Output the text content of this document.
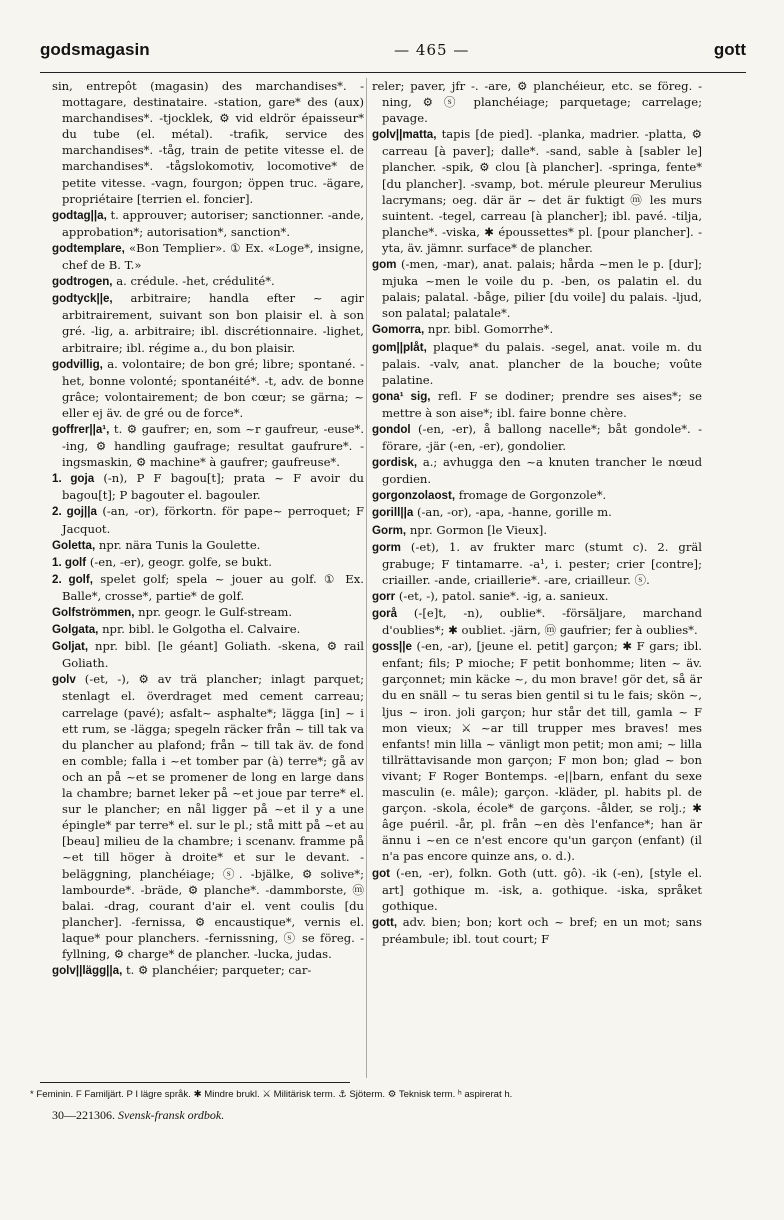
godsmagasin	— 465 —	gott

sin, entrepôt (magasin) des marchandises*. -mottagare, destinataire. -station, gare* des (aux) marchandises*. -tjocklek, ⚙ vid eldrör épaisseur* du tube (el. métal). -trafik, service des marchandises*. -tåg, train de petite vitesse el. de marchandises*. -tågslokomotiv, locomotive* de petite vitesse. -vagn, fourgon; öppen truc. -ägare, propriétaire [terrien el. foncier].

godtag||a, t. approuver; autoriser; sanctionner. -ande, approbation*; autorisation*, sanction*.

godtemplare, «Bon Templier». ① Ex. «Loge*, insigne, chef de B. T.»

godtrogen, a. crédule. -het, crédulité*.

godtyck||e, arbitraire; handla efter ~ agir arbitrairement, suivant son bon plaisir el. à son gré. -lig, a. arbitraire; ibl. discrétionnaire. -lighet, arbitraire; ibl. régime a., du bon plaisir.

godvillig, a. volontaire; de bon gré; libre; spontané. -het, bonne volonté; spontanéité*. -t, adv. de bonne grâce; volontairement; de bon cœur; se gärna; ~ eller ej äv. de gré ou de force*.

goffrer||a¹, t. ⚙ gaufrer; en, som ~r gaufreur, -euse*. -ing, ⚙ handling gaufrage; resultat gaufrure*. -ingsmaskin, ⚙ machine* à gaufrer; gaufreuse*.

1. goja (-n), P F bagou[t]; prata ~ F avoir du bagou[t]; P bagouter el. bagouler.

2. goj||a (-an, -or), förkortn. för pape~ perroquet; F Jacquot.

Goletta, npr. nära Tunis la Goulette.

1. golf (-en, -er), geogr. golfe, se bukt.

2. golf, spelet golf; spela ~ jouer au golf. ① Ex. Balle*, crosse*, partie* de golf.

Golfströmmen, npr. geogr. le Gulf-stream.

Golgata, npr. bibl. le Golgotha el. Calvaire.

Goljat, npr. bibl. [le géant] Goliath. -skena, ⚙ rail Goliath.

golv (-et, -), ⚙ av trä plancher; inlagt parquet; stenlagt el. överdraget med cement carreau; carrelage (pavé); asfalt~ asphalte*; lägga [in] ~ i ett rum, se -lägga; spegeln räcker från ~ till tak va du plancher au plafond; från ~ till tak äv. de fond en comble; falla i ~et tomber par (à) terre*; gå av och an på ~et se promener de long en large dans la chambre; barnet leker på ~et joue par terre* el. sur le plancher; en nål ligger på ~et il y a une épingle* par terre* el. sur le pl.; stå mitt på ~et au [beau] milieu de la chambre; i scenanv. framme på ~et till höger à droite* et sur le devant. -beläggning, planchéiage; ⓢ. -bjälke, ⚙ solive*; lambourde*. -bräde, ⚙ planche*. -dammborste, ⓜ balai. -drag, courant d'air el. vent coulis [du plancher]. -fernissa, ⚙ encaustique*, vernis el. laque* pour planchers. -fernissning, ⓢ se föreg. -fyllning, ⚙ charge* de plancher. -lucka, judas.

golv||lägg||a, t. ⚙ planchéier; parqueter; car-

reler; paver, jfr -. -are, ⚙ planchéieur, etc. se föreg. -ning, ⚙ ⓢ planchéiage; parquetage; carrelage; pavage.

golv||matta, tapis [de pied]. -planka, madrier. -platta, ⚙ carreau [à paver]; dalle*. -sand, sable à [sabler le] plancher. -spik, ⚙ clou [à plancher]. -springa, fente* [du plancher]. -svamp, bot. mérule pleureur Merulius lacrymans; oeg. där är ~ det är fuktigt ⓜ les murs suintent. -tegel, carreau [à plancher]; ibl. pavé. -tilja, planche*. -viska, ✱ époussettes* pl. [pour plancher]. -yta, äv. jämnr. surface* de plancher.

gom (-men, -mar), anat. palais; hårda ~men le p. [dur]; mjuka ~men le voile du p. -ben, os palatin el. du palais; palatal. -båge, pilier [du voile] du palais. -ljud, son palatal; palatale*.

Gomorra, npr. bibl. Gomorrhe*.

gom||plåt, plaque* du palais. -segel, anat. voile m. du palais. -valv, anat. plancher de la bouche; voûte palatine.

gona¹ sig, refl. F se dodiner; prendre ses aises*; se mettre à son aise*; ibl. faire bonne chère.

gondol (-en, -er), å ballong nacelle*; båt gondole*. -förare, -jär (-en, -er), gondolier.

gordisk, a.; avhugga den ~a knuten trancher le nœud gordien.

gorgonzolaost, fromage de Gorgonzole*.

gorill||a (-an, -or), -apa, -hanne, gorille m.

Gorm, npr. Gormon [le Vieux].

gorm (-et), 1. av frukter marc (stumt c). 2. gräl grabuge; F tintamarre. -a¹, i. pester; crier [contre]; criailler. -ande, criaillerie*. -are, criailleur. ⓢ.

gorr (-et, -), patol. sanie*. -ig, a. sanieux.

gorå (-[e]t, -n), oublie*. -försäljare, marchand d'oublies*; ✱ oubliet. -järn, ⓜ gaufrier; fer à oublies*.

goss||e (-en, -ar), [jeune el. petit] garçon; ✱ F gars; ibl. enfant; fils; P mioche; F petit bonhomme; liten ~ äv. garçonnet; min käcke ~, du mon brave! gör det, så är du en snäll ~ tu seras bien gentil si tu le fais; skön ~, ljus ~ iron. joli garçon; hur står det till, gamla ~ F mon vieux; ⚔ ~ar till trupper mes braves! mes enfants! min lilla ~ vänligt mon petit; mon ami; ~ lilla tillrättavisande mon garçon; F mon bon; glad ~ bon vivant; F Roger Bontemps. -e||barn, enfant du sexe masculin (e. mâle); garçon. -kläder, pl. habits pl. de garçon. -skola, école* de garçons. -ålder, se rolj.; ✱ âge puéril. -år, pl. från ~en dès l'enfance*; han är ännu i ~en ce n'est encore qu'un garçon (enfant) (il n'a pas encore quinze ans, o. d.).

got (-en, -er), folkn. Goth (utt. gô). -ik (-en), [style el. art] gothique m. -isk, a. gothique. -iska, språket gothique.

gott, adv. bien; bon; kort och ~ bref; en un mot; sans préambule; ibl. tout court; F

* Feminin. F Familjärt. P I lägre språk. ✱ Mindre brukl. ⚔ Militärisk term. ⚓ Sjöterm. ⚙ Teknisk term. ʰ aspirerat h.
30—221306. Svensk-fransk ordbok.
